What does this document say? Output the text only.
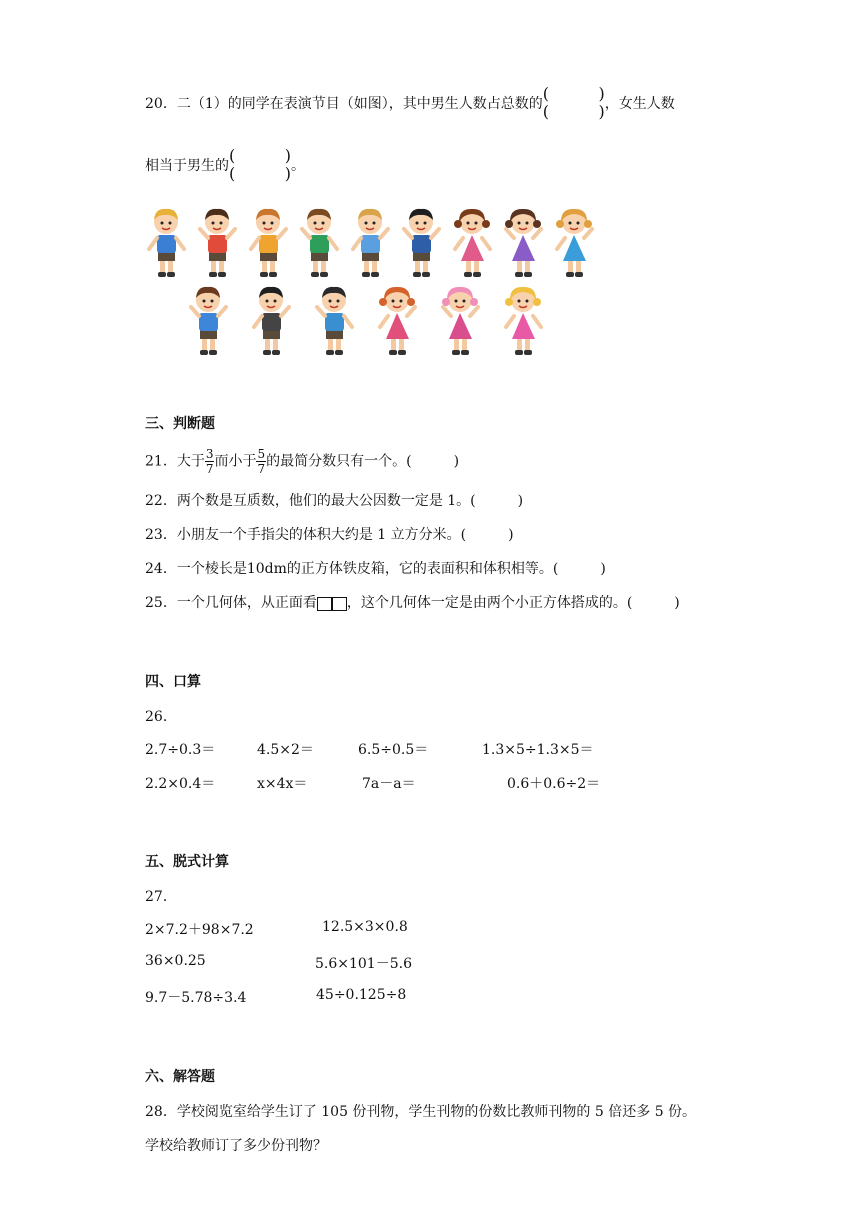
20．二（1）的同学在表演节目（如图），其中男生人数占总数的
(	)
(	) ，女生人数
相当于男生的
(	)
(	) 。
三、判断题
21．大于 $\frac{3}{7}$ 而小于 $\frac{5}{7}$ 的最简分数只有一个。(　　　)
22．两个数是互质数，他们的最大公因数一定是 1。(　　　)
23．小朋友一个手指尖的体积大约是 1 立方分米。(　　　)
24．一个棱长是10dm的正方体铁皮箱，它的表面积和体积相等。(　　　)
25．一个几何体，从正面看 ，这个几何体一定是由两个小正方体搭成的。(　　　)
四、口算
26．
2.7÷0.3＝	4.5×2＝	6.5÷0.5＝	1.3×5÷1.3×5＝
2.2×0.4＝	x×4x＝	7a－a＝	0.6＋0.6÷2＝
五、脱式计算
27．
2×7.2＋98×7.2	12.5×3×0.8
36×0.25	5.6×101－5.6
9.7－5.78÷3.4	45÷0.125÷8
六、解答题
28．学校阅览室给学生订了 105 份刊物，学生刊物的份数比教师刊物的 5 倍还多 5 份。
学校给教师订了多少份刊物？
